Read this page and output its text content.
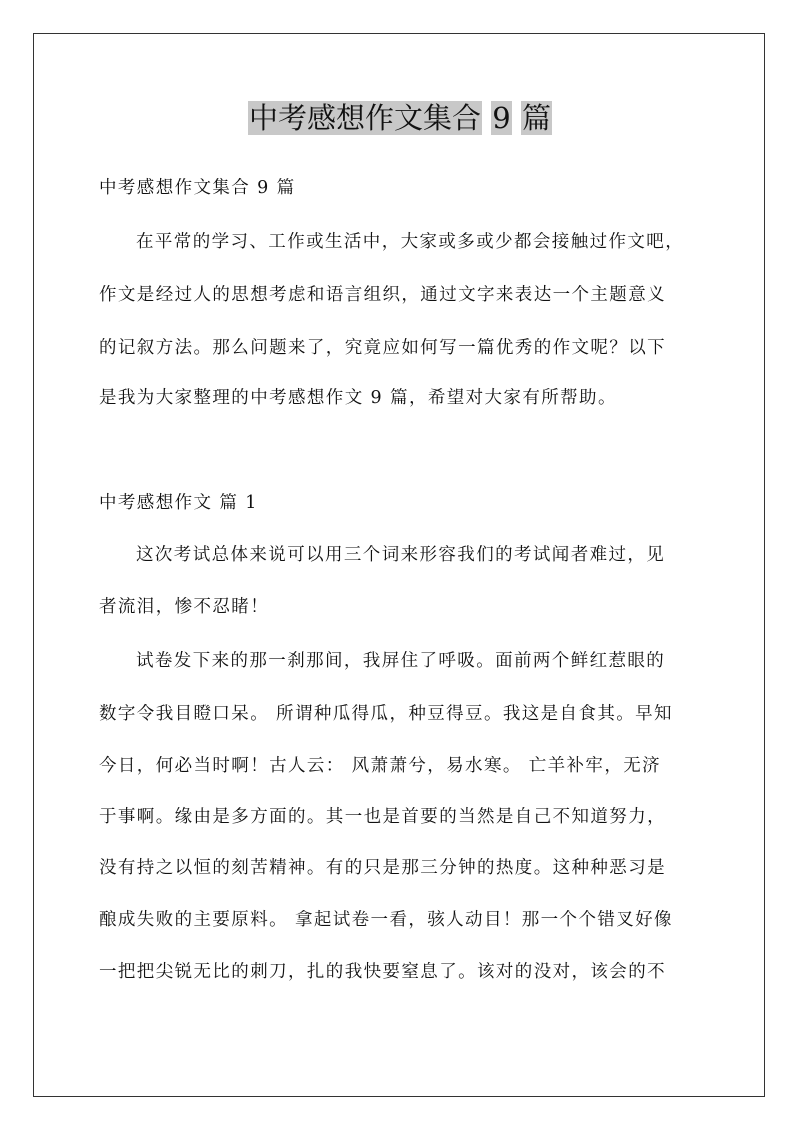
中考感想作文集合 9 篇
中考感想作文集合 9 篇
在平常的学习、工作或生活中，大家或多或少都会接触过作文吧，
作文是经过人的思想考虑和语言组织，通过文字来表达一个主题意义
的记叙方法。那么问题来了，究竟应如何写一篇优秀的作文呢？以下
是我为大家整理的中考感想作文 9 篇，希望对大家有所帮助。
中考感想作文 篇 1
这次考试总体来说可以用三个词来形容我们的考试闻者难过，见
者流泪，惨不忍睹！
试卷发下来的那一刹那间，我屏住了呼吸。面前两个鲜红惹眼的
数字令我目瞪口呆。 所谓种瓜得瓜，种豆得豆。我这是自食其。早知
今日，何必当时啊！古人云： 风萧萧兮，易水寒。 亡羊补牢，无济
于事啊。缘由是多方面的。其一也是首要的当然是自己不知道努力，
没有持之以恒的刻苦精神。有的只是那三分钟的热度。这种种恶习是
酿成失败的主要原料。 拿起试卷一看，骇人动目！那一个个错叉好像
一把把尖锐无比的刺刀，扎的我快要窒息了。该对的没对，该会的不
